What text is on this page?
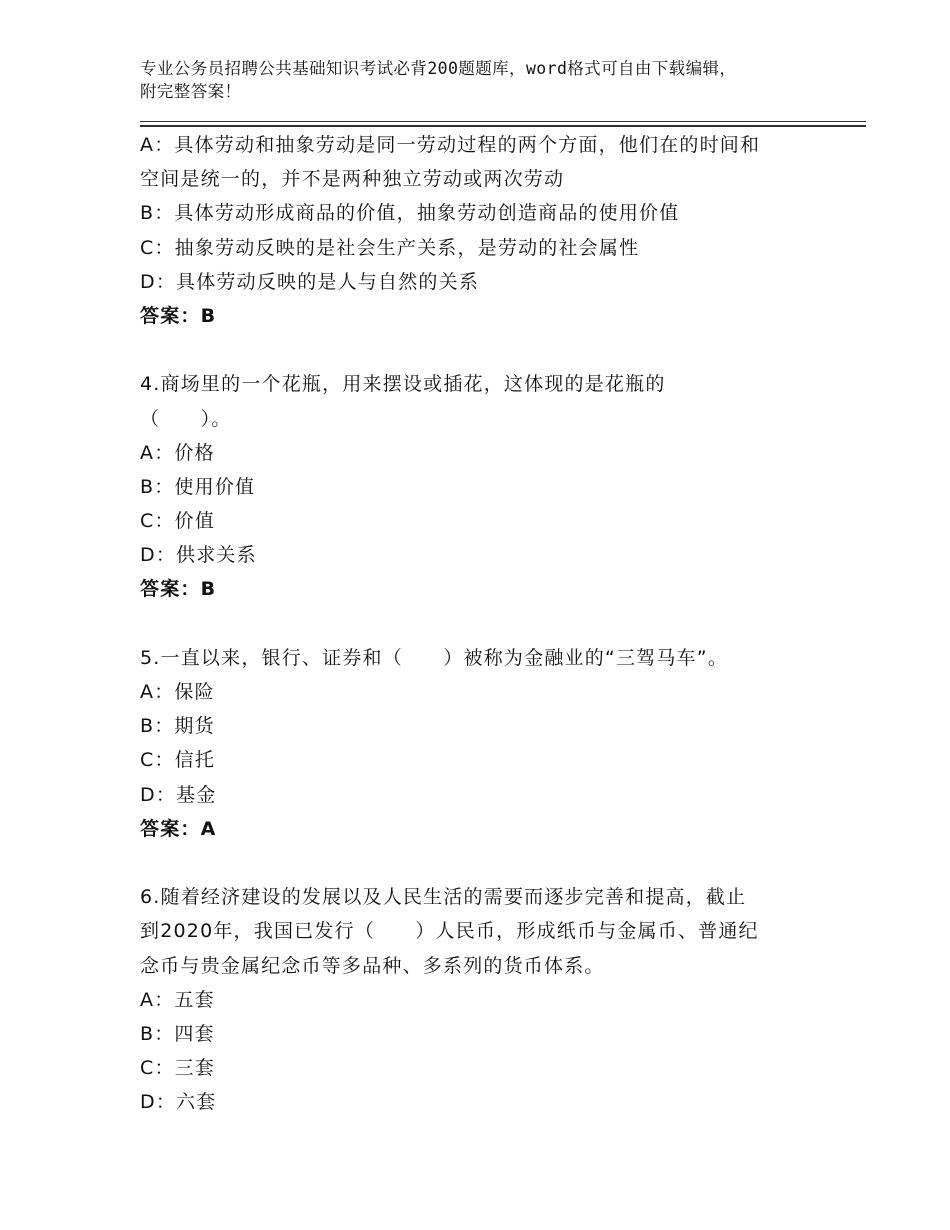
专业公务员招聘公共基础知识考试必背200题题库，word格式可自由下载编辑，
附完整答案！
A：具体劳动和抽象劳动是同一劳动过程的两个方面，他们在的时间和
空间是统一的，并不是两种独立劳动或两次劳动
B：具体劳动形成商品的价值，抽象劳动创造商品的使用价值
C：抽象劳动反映的是社会生产关系，是劳动的社会属性
D：具体劳动反映的是人与自然的关系
答案：B
4.商场里的一个花瓶，用来摆设或插花，这体现的是花瓶的
（　　）。
A：价格
B：使用价值
C：价值
D：供求关系
答案：B
5.一直以来，银行、证券和（　　）被称为金融业的“三驾马车”。
A：保险
B：期货
C：信托
D：基金
答案：A
6.随着经济建设的发展以及人民生活的需要而逐步完善和提高，截止
到2020年，我国已发行（　　）人民币，形成纸币与金属币、普通纪
念币与贵金属纪念币等多品种、多系列的货币体系。
A：五套
B：四套
C：三套
D：六套
